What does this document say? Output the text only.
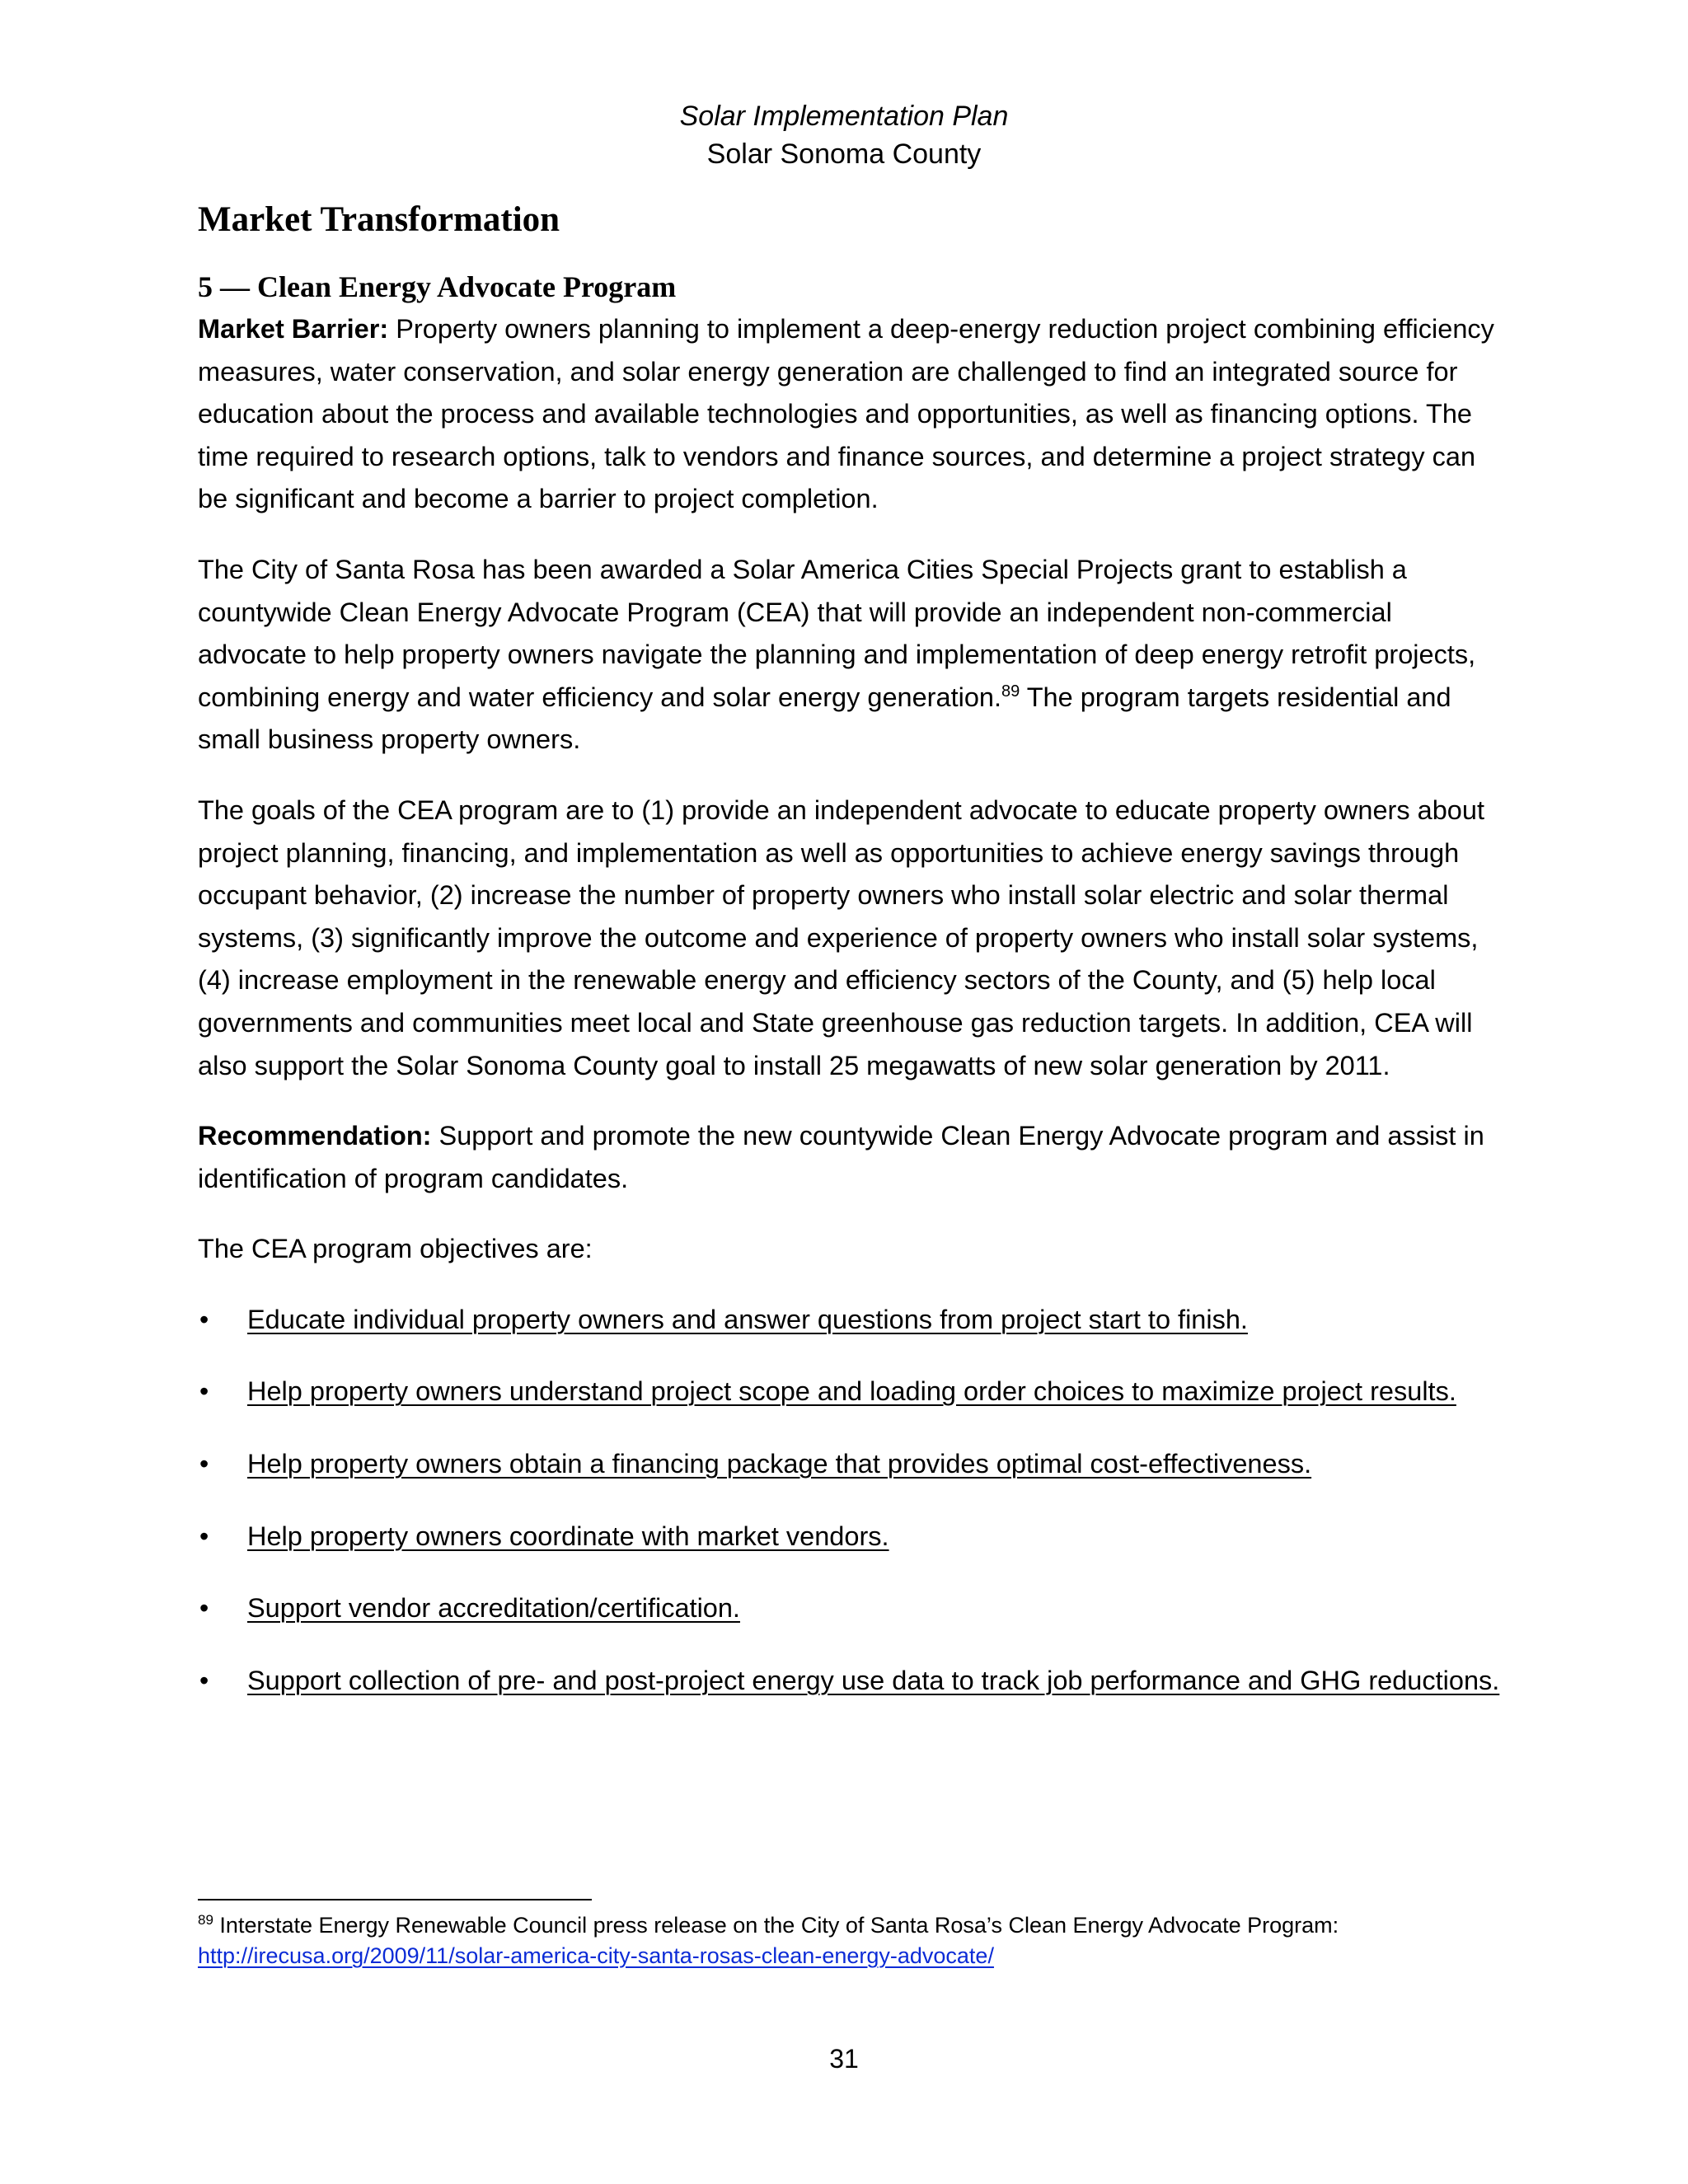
Solar Implementation Plan
Solar Sonoma County
Market Transformation
5 — Clean Energy Advocate Program

Market Barrier: Property owners planning to implement a deep-energy reduction project combining efficiency measures, water conservation, and solar energy generation are challenged to find an integrated source for education about the process and available technologies and opportunities, as well as financing options. The time required to research options, talk to vendors and finance sources, and determine a project strategy can be significant and become a barrier to project completion.

The City of Santa Rosa has been awarded a Solar America Cities Special Projects grant to establish a countywide Clean Energy Advocate Program (CEA) that will provide an independent non-commercial advocate to help property owners navigate the planning and implementation of deep energy retrofit projects, combining energy and water efficiency and solar energy generation.$^{89}$ The program targets residential and small business property owners.

The goals of the CEA program are to (1) provide an independent advocate to educate property owners about project planning, financing, and implementation as well as opportunities to achieve energy savings through occupant behavior, (2) increase the number of property owners who install solar electric and solar thermal systems, (3) significantly improve the outcome and experience of property owners who install solar systems, (4) increase employment in the renewable energy and efficiency sectors of the County, and (5) help local governments and communities meet local and State greenhouse gas reduction targets. In addition, CEA will also support the Solar Sonoma County goal to install 25 megawatts of new solar generation by 2011.

Recommendation: Support and promote the new countywide Clean Energy Advocate program and assist in identification of program candidates.

The CEA program objectives are:

•	Educate individual property owners and answer questions from project start to finish.
•	Help property owners understand project scope and loading order choices to maximize project results.
•	Help property owners obtain a financing package that provides optimal cost-effectiveness.
•	Help property owners coordinate with market vendors.
•	Support vendor accreditation/certification.
•	Support collection of pre- and post-project energy use data to track job performance and GHG reductions.
$^{89}$ Interstate Energy Renewable Council press release on the City of Santa Rosa’s Clean Energy Advocate Program:
http://irecusa.org/2009/11/solar-america-city-santa-rosas-clean-energy-advocate/
31
